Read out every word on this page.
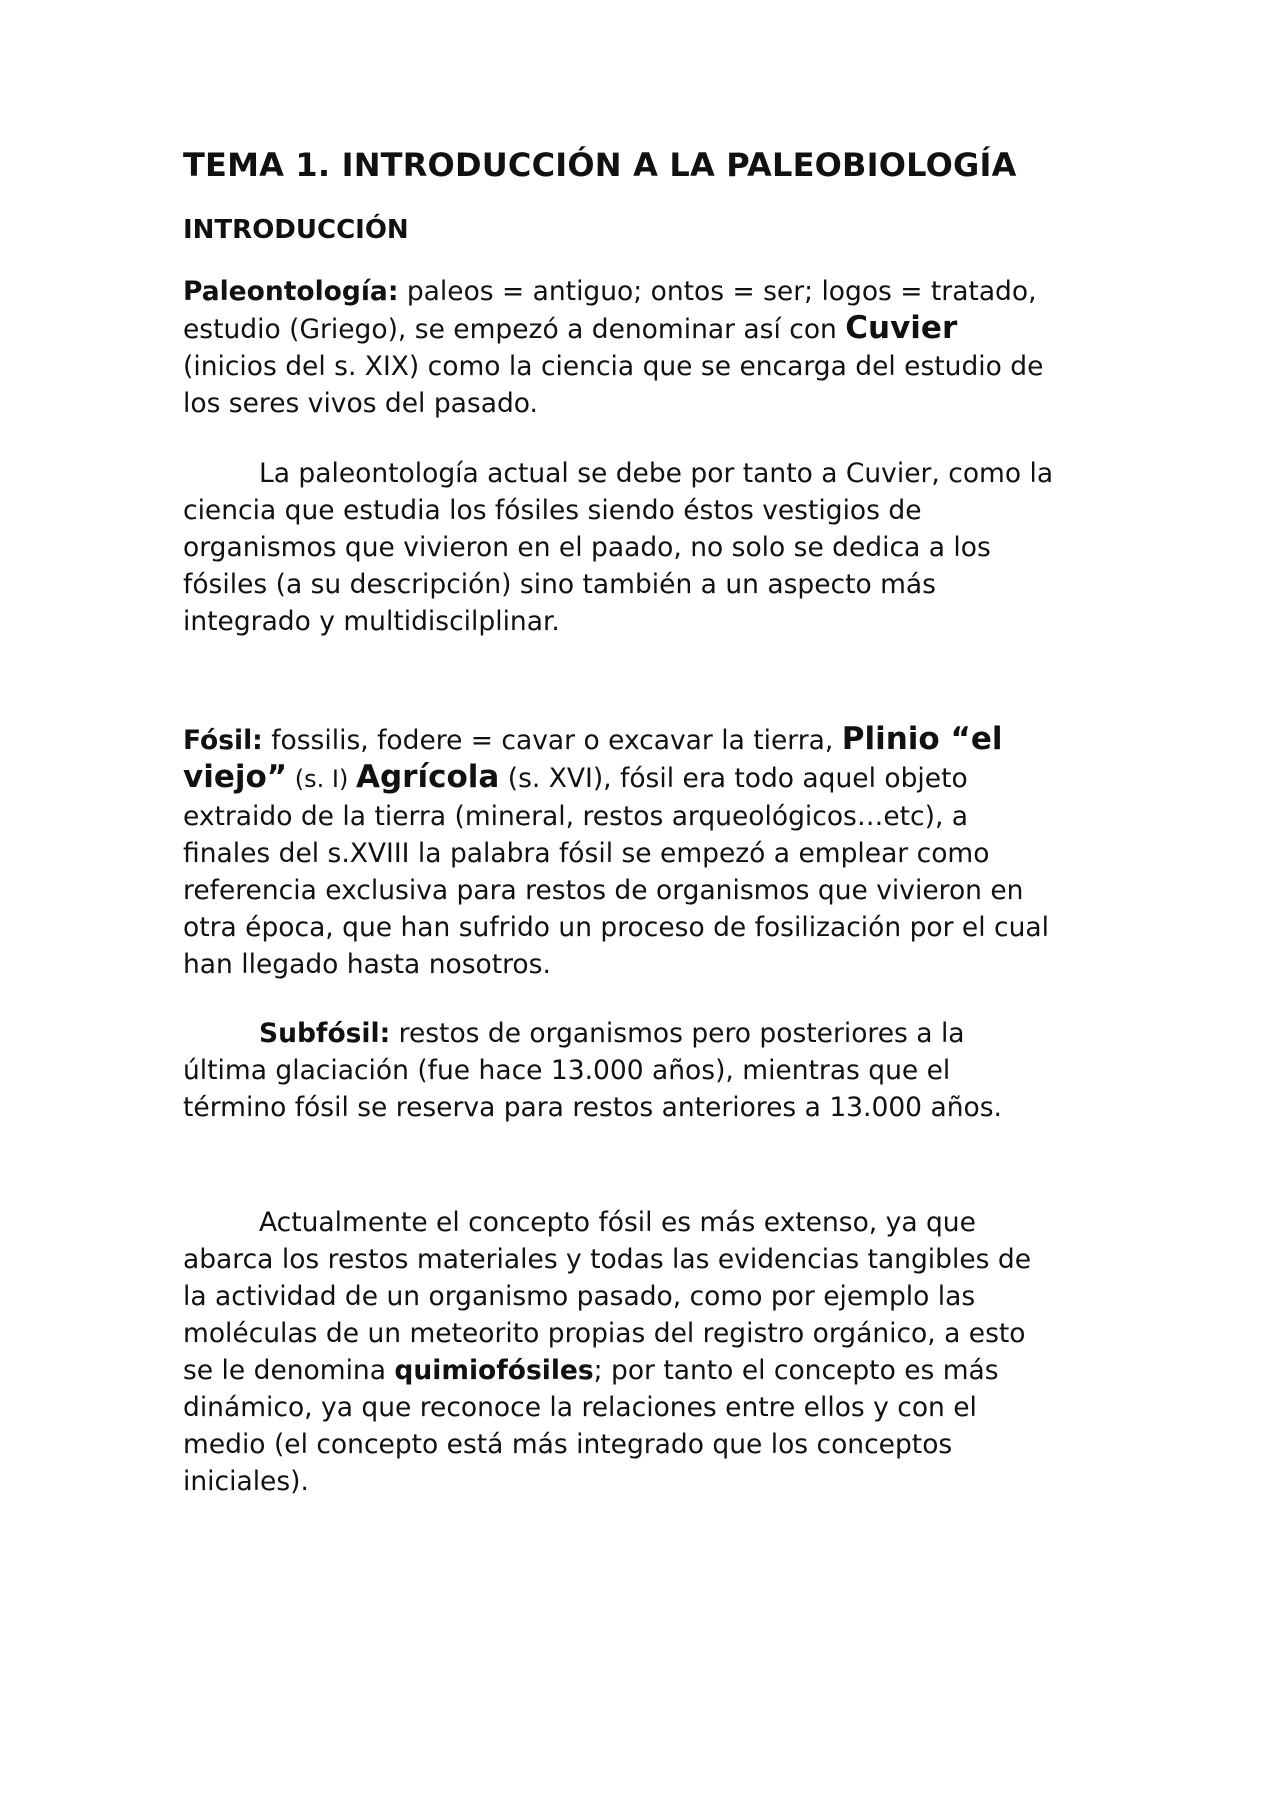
TEMA 1. INTRODUCCIÓN A LA PALEOBIOLOGÍA
INTRODUCCIÓN
Paleontología: paleos = antiguo; ontos = ser; logos = tratado,
estudio (Griego), se empezó a denominar así con Cuvier
(inicios del s. XIX) como la ciencia que se encarga del estudio de
los seres vivos del pasado.
La paleontología actual se debe por tanto a Cuvier, como la
ciencia que estudia los fósiles siendo éstos vestigios de
organismos que vivieron en el paado, no solo se dedica a los
fósiles (a su descripción) sino también a un aspecto más
integrado y multidiscilplinar.
Fósil: fossilis, fodere = cavar o excavar la tierra, Plinio “el
viejo” (s. I) Agrícola (s. XVI), fósil era todo aquel objeto
extraido de la tierra (mineral, restos arqueológicos…etc), a
finales del s.XVIII la palabra fósil se empezó a emplear como
referencia exclusiva para restos de organismos que vivieron en
otra época, que han sufrido un proceso de fosilización por el cual
han llegado hasta nosotros.
Subfósil: restos de organismos pero posteriores a la
última glaciación (fue hace 13.000 años), mientras que el
término fósil se reserva para restos anteriores a 13.000 años.
Actualmente el concepto fósil es más extenso, ya que
abarca los restos materiales y todas las evidencias tangibles de
la actividad de un organismo pasado, como por ejemplo las
moléculas de un meteorito propias del registro orgánico, a esto
se le denomina quimiofósiles; por tanto el concepto es más
dinámico, ya que reconoce la relaciones entre ellos y con el
medio (el concepto está más integrado que los conceptos
iniciales).
